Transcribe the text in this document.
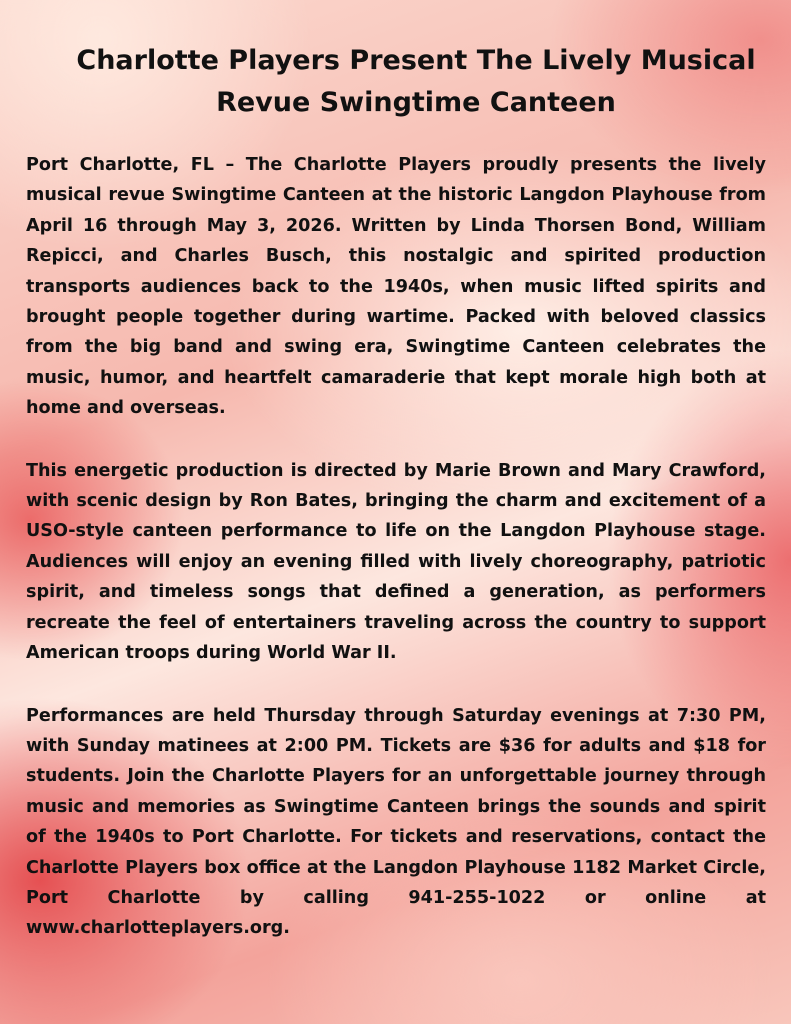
Charlotte Players Present The Lively Musical Revue Swingtime Canteen

Port Charlotte, FL – The Charlotte Players proudly presents the lively musical revue Swingtime Canteen at the historic Langdon Playhouse from April 16 through May 3, 2026. Written by Linda Thorsen Bond, William Repicci, and Charles Busch, this nostalgic and spirited production transports audiences back to the 1940s, when music lifted spirits and brought people together during wartime. Packed with beloved classics from the big band and swing era, Swingtime Canteen celebrates the music, humor, and heartfelt camaraderie that kept morale high both at home and overseas.

This energetic production is directed by Marie Brown and Mary Crawford, with scenic design by Ron Bates, bringing the charm and excitement of a USO-style canteen performance to life on the Langdon Playhouse stage. Audiences will enjoy an evening filled with lively choreography, patriotic spirit, and timeless songs that defined a generation, as performers recreate the feel of entertainers traveling across the country to support American troops during World War II.

Performances are held Thursday through Saturday evenings at 7:30 PM, with Sunday matinees at 2:00 PM. Tickets are $36 for adults and $18 for students. Join the Charlotte Players for an unforgettable journey through music and memories as Swingtime Canteen brings the sounds and spirit of the 1940s to Port Charlotte. For tickets and reservations, contact the Charlotte Players box office at the Langdon Playhouse 1182 Market Circle, Port Charlotte by calling 941-255-1022 or online at www.charlotteplayers.org.
